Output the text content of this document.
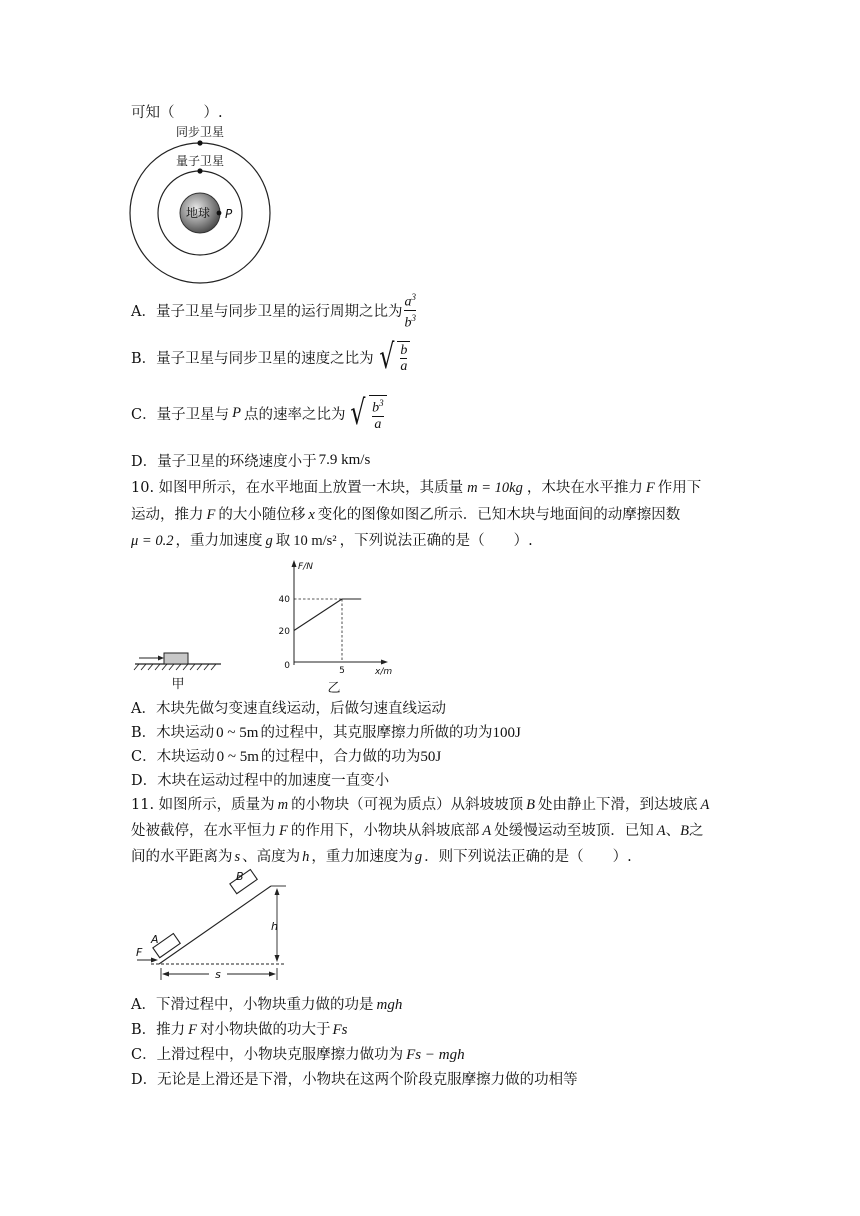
可知（　　）.
同步卫星
量子卫星
地球 P
A． 量子卫星与同步卫星的运行周期之比为 $\frac{a^3}{b^3}$
B． 量子卫星与同步卫星的速度之比为 √ $\frac{b}{a}$
C． 量子卫星与 P 点的速率之比为 √ $\frac{b^3}{a}$
D． 量子卫星的环绕速度小于 7.9 km/s
10. 如图甲所示，在水平地面上放置一木块，其质量 m = 10kg ，木块在水平推力 F 作用下
运动，推力 F 的大小随位移 x 变化的图像如图乙所示．已知木块与地面间的动摩擦因数
μ = 0.2 ，重力加速度 g 取 10 m/s² ，下列说法正确的是（　　）.
甲
F/N
x/m
0
20
40
5
乙
A．木块先做匀变速直线运动，后做匀速直线运动
B．木块运动 0 ~ 5m 的过程中，其克服摩擦力所做的功为100J
C．木块运动 0 ~ 5m 的过程中，合力做的功为50J
D．木块在运动过程中的加速度一直变小
11. 如图所示，质量为 m 的小物块（可视为质点）从斜坡坡顶 B 处由静止下滑，到达坡底 A
处被截停，在水平恒力 F 的作用下，小物块从斜坡底部 A 处缓慢运动至坡顶．已知 A、B之
间的水平距离为 s 、高度为 h ，重力加速度为 g ．则下列说法正确的是（　　）.
B
A
F
h
s
A．下滑过程中，小物块重力做的功是 mgh
B．推力 F 对小物块做的功大于 Fs
C．上滑过程中，小物块克服摩擦力做功为 Fs − mgh
D．无论是上滑还是下滑，小物块在这两个阶段克服摩擦力做的功相等
